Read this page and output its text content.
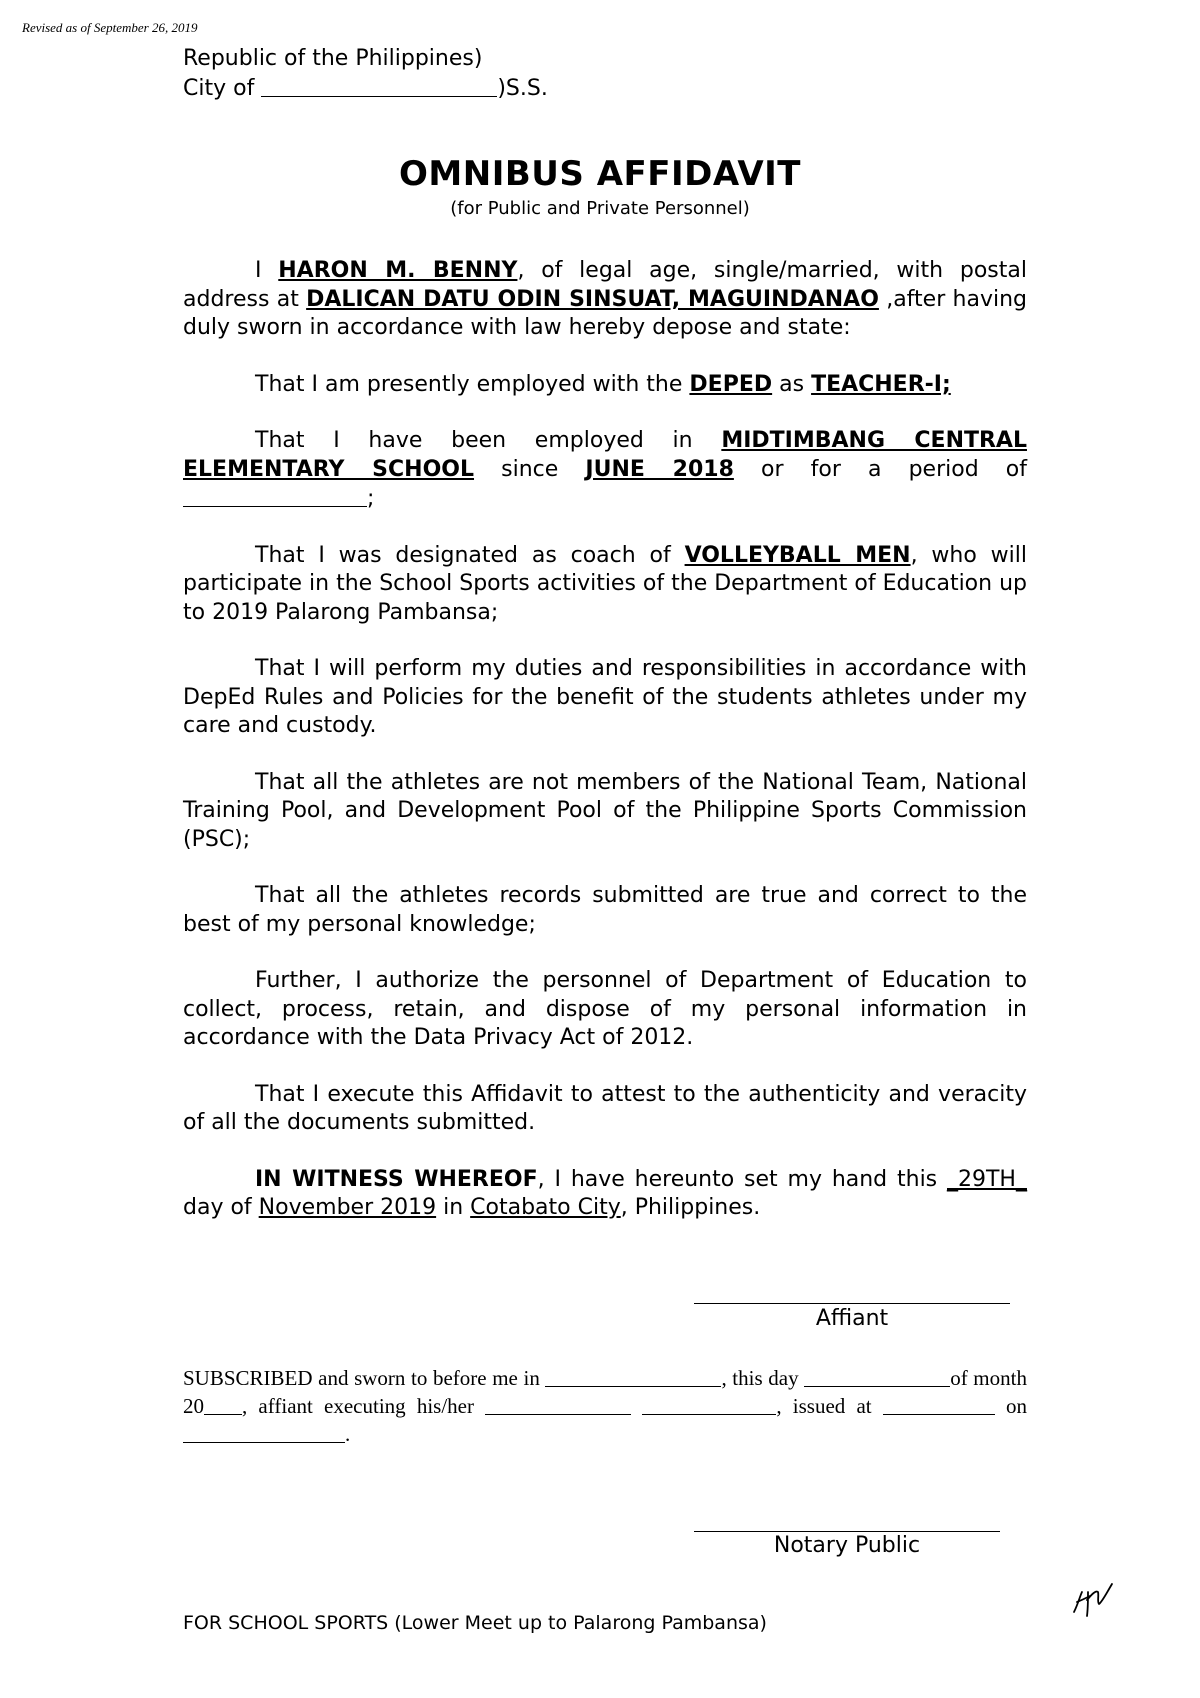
Revised as of September 26, 2019
Republic of the Philippines)
City of	)S.S.
OMNIBUS AFFIDAVIT
(for Public and Private Personnel)

I HARON M. BENNY, of legal age, single/married, with postal address at DALICAN DATU ODIN SINSUAT, MAGUINDANAO ,after having duly sworn in accordance with law hereby depose and state:

That I am presently employed with the DEPED as TEACHER-I;

That I have been employed in MIDTIMBANG CENTRAL ELEMENTARY SCHOOL since JUNE 2018 or for a period of ;

That I was designated as coach of VOLLEYBALL MEN, who will participate in the School Sports activities of the Department of Education up to 2019 Palarong Pambansa;

That I will perform my duties and responsibilities in accordance with DepEd Rules and Policies for the benefit of the students athletes under my care and custody.

That all the athletes are not members of the National Team, National Training Pool, and Development Pool of the Philippine Sports Commission (PSC);

That all the athletes records submitted are true and correct to the best of my personal knowledge;

Further, I authorize the personnel of Department of Education to collect, process, retain, and dispose of my personal information in accordance with the Data Privacy Act of 2012.

That I execute this Affidavit to attest to the authenticity and veracity of all the documents submitted.

IN WITNESS WHEREOF, I have hereunto set my hand this _29TH_ day of November 2019 in Cotabato City, Philippines.

Affiant
SUBSCRIBED and sworn to before me in	, this day	of month 20 , affiant executing his/her	, issued at	on .
Notary Public
FOR SCHOOL SPORTS (Lower Meet up to Palarong Pambansa)
